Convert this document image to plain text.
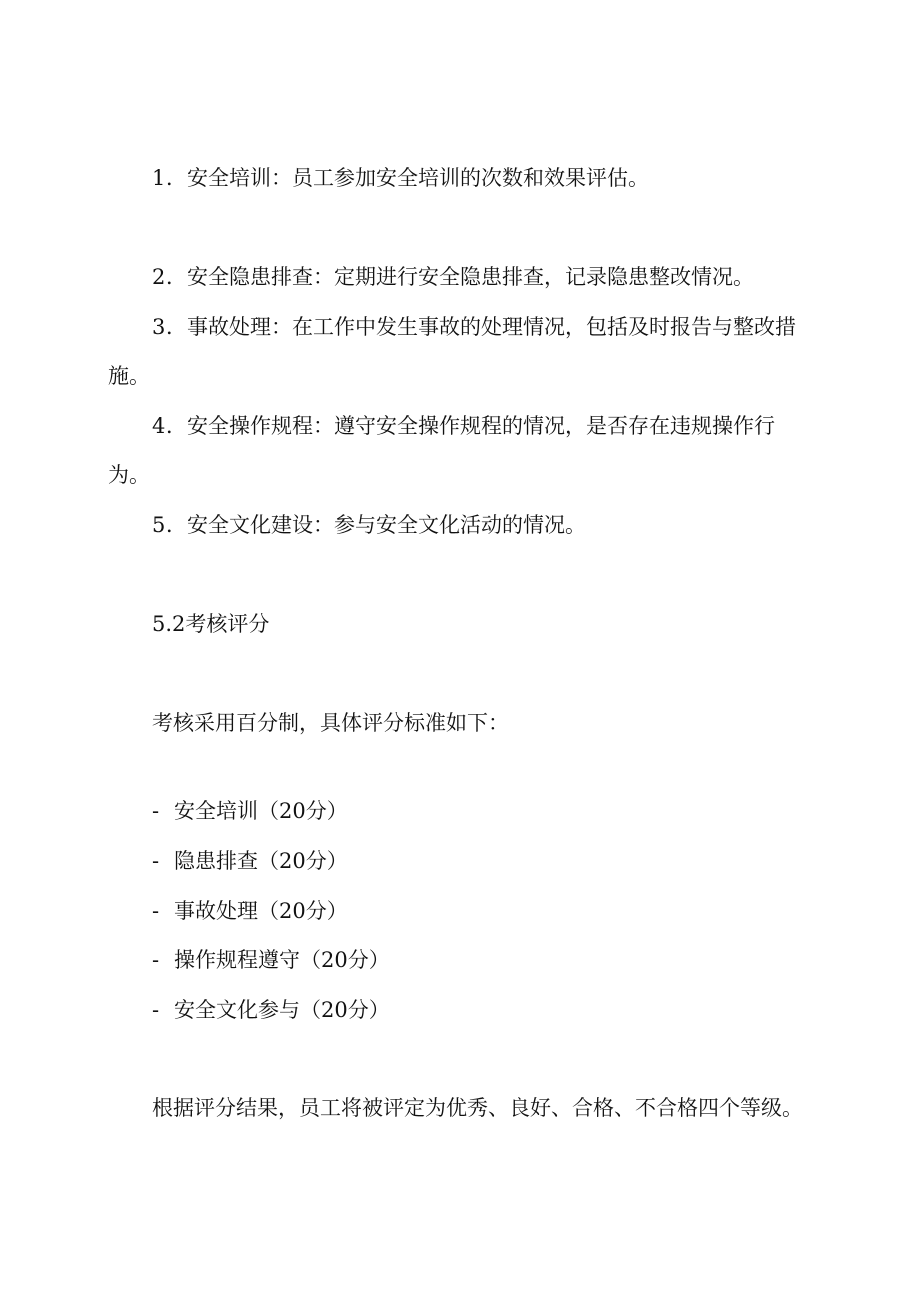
1．安全培训：员工参加安全培训的次数和效果评估。
2．安全隐患排查：定期进行安全隐患排查，记录隐患整改情况。
3．事故处理：在工作中发生事故的处理情况，包括及时报告与整改措
施。
4．安全操作规程：遵守安全操作规程的情况，是否存在违规操作行
为。
5．安全文化建设：参与安全文化活动的情况。
5.2考核评分
考核采用百分制，具体评分标准如下：
- 安全培训（20分）
- 隐患排查（20分）
- 事故处理（20分）
- 操作规程遵守（20分）
- 安全文化参与（20分）
根据评分结果，员工将被评定为优秀、良好、合格、不合格四个等级。
